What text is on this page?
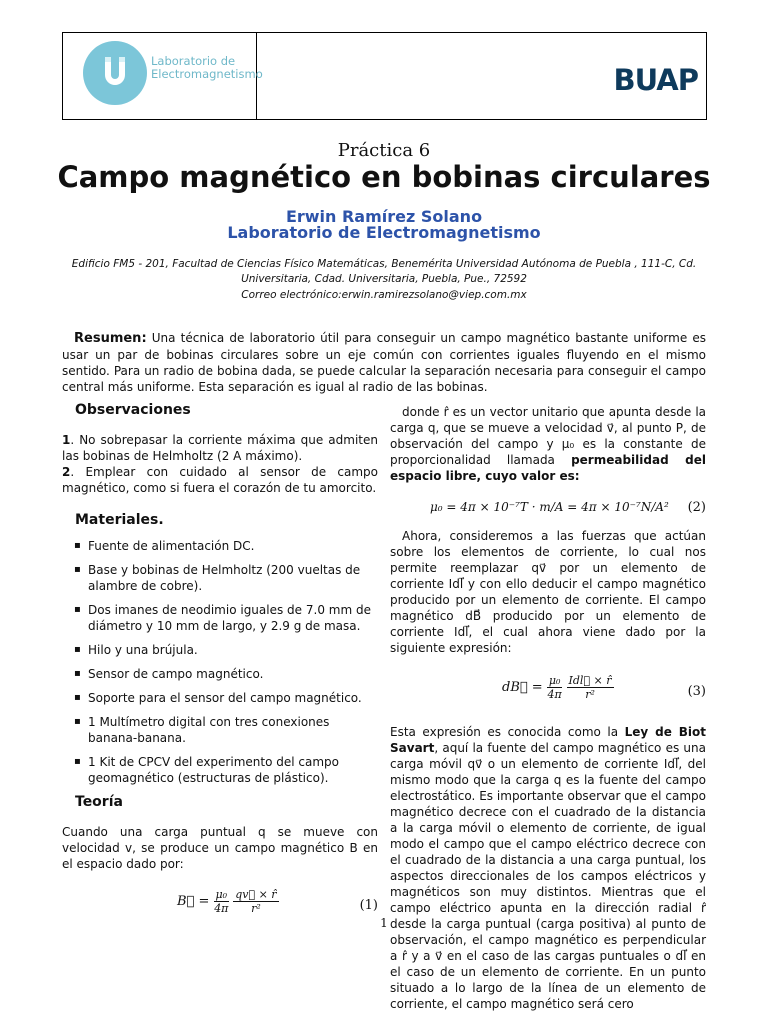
Laboratorio de
Electromagnetismo	BUAP
Práctica 6
Campo magnético en bobinas circulares
Erwin Ramírez Solano
Laboratorio de Electromagnetismo
Edificio FM5 - 201, Facultad de Ciencias Físico Matemáticas, Benemérita Universidad Autónoma de Puebla , 111-C, Cd.
Universitaria, Cdad. Universitaria, Puebla, Pue., 72592
Correo electrónico:erwin.ramirezsolano@viep.com.mx
Resumen: Una técnica de laboratorio útil para conseguir un campo magnético bastante uniforme es usar un par de bobinas circulares sobre un eje común con corrientes iguales fluyendo en el mismo sentido. Para un radio de bobina dada, se puede calcular la separación necesaria para conseguir el campo central más uniforme. Esta separación es igual al radio de las bobinas.
Observaciones
1. No sobrepasar la corriente máxima que admiten las bobinas de Helmholtz (2 A máximo).
2. Emplear con cuidado al sensor de campo magnético, como si fuera el corazón de tu amorcito.
Materiales.
▪ Fuente de alimentación DC.
▪ Base y bobinas de Helmholtz (200 vueltas de alambre de cobre).
▪ Dos imanes de neodimio iguales de 7.0 mm de diámetro y 10 mm de largo, y 2.9 g de masa.
▪ Hilo y una brújula.
▪ Sensor de campo magnético.
▪ Soporte para el sensor del campo magnético.
▪ 1 Multímetro digital con tres conexiones banana-banana.
▪ 1 Kit de CPCV del experimento del campo geomagnético (estructuras de plástico).
Teoría
Cuando una carga puntual q se mueve con velocidad v, se produce un campo magnético B en el espacio dado por:
B⃗ = $\frac{\text{μ₀}}{4\pi}$
$\frac{qv⃗ \times r̂}{\text{r²}}$	(1)
donde r̂ es un vector unitario que apunta desde la carga q, que se mueve a velocidad v⃗, al punto P, de observación del campo y μ₀ es la constante de proporcionalidad llamada permeabilidad del espacio libre, cuyo valor es:
μ₀ = 4π × 10⁻⁷T · m/A = 4π × 10⁻⁷N/A² (2)
Ahora, consideremos a las fuerzas que actúan sobre los elementos de corriente, lo cual nos permite reemplazar qv⃗ por un elemento de corriente Idl⃗ y con ello deducir el campo magnético producido por un elemento de corriente. El campo magnético dB⃗ producido por un elemento de corriente Idl⃗, el cual ahora viene dado por la siguiente expresión:
dB⃗ = $\frac{\text{μ₀}}{4\pi}$
$\frac{\text{Idl⃗ × r̂}}{\text{r²}}$	(3)
Esta expresión es conocida como la Ley de Biot Savart, aquí la fuente del campo magnético es una carga móvil qv⃗ o un elemento de corriente Idl⃗, del mismo modo que la carga q es la fuente del campo electrostático. Es importante observar que el campo magnético decrece con el cuadrado de la distancia a la carga móvil o elemento de corriente, de igual modo el campo que el campo eléctrico decrece con el cuadrado de la distancia a una carga puntual, los aspectos direccionales de los campos eléctricos y magnéticos son muy distintos. Mientras que el campo eléctrico apunta en la dirección radial r̂ desde la carga puntual (carga positiva) al punto de observación, el campo magnético es perpendicular a r̂ y a v⃗ en el caso de las cargas puntuales o dl⃗ en el caso de un elemento de corriente. En un punto situado a lo largo de la línea de un elemento de corriente, el campo magnético será cero
1
